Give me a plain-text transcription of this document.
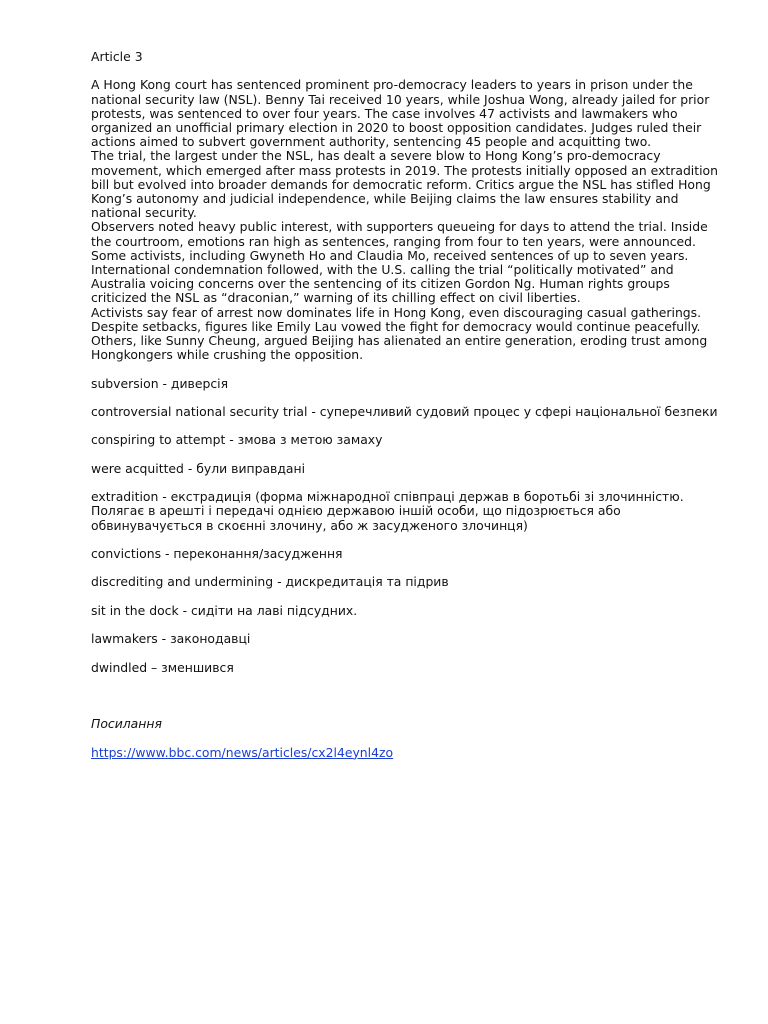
Article 3

A Hong Kong court has sentenced prominent pro-democracy leaders to years in prison under the national security law (NSL). Benny Tai received 10 years, while Joshua Wong, already jailed for prior protests, was sentenced to over four years. The case involves 47 activists and lawmakers who organized an unofficial primary election in 2020 to boost opposition candidates. Judges ruled their actions aimed to subvert government authority, sentencing 45 people and acquitting two.

The trial, the largest under the NSL, has dealt a severe blow to Hong Kong’s pro-democracy movement, which emerged after mass protests in 2019. The protests initially opposed an extradition bill but evolved into broader demands for democratic reform. Critics argue the NSL has stifled Hong Kong’s autonomy and judicial independence, while Beijing claims the law ensures stability and national security.

Observers noted heavy public interest, with supporters queueing for days to attend the trial. Inside the courtroom, emotions ran high as sentences, ranging from four to ten years, were announced. Some activists, including Gwyneth Ho and Claudia Mo, received sentences of up to seven years.

International condemnation followed, with the U.S. calling the trial “politically motivated” and Australia voicing concerns over the sentencing of its citizen Gordon Ng. Human rights groups criticized the NSL as “draconian,” warning of its chilling effect on civil liberties.

Activists say fear of arrest now dominates life in Hong Kong, even discouraging casual gatherings. Despite setbacks, figures like Emily Lau vowed the fight for democracy would continue peacefully. Others, like Sunny Cheung, argued Beijing has alienated an entire generation, eroding trust among Hongkongers while crushing the opposition.

subversion - диверсія

controversial national security trial - суперечливий судовий процес у сфері національної безпеки

conspiring to attempt - змова з метою замаху

were acquitted - були виправдані

extradition - екстрадиція (форма міжнародної співпраці держав в боротьбі зі злочинністю. Полягає в арешті і передачі однією державою іншій особи, що підозрюється або обвинувачується в скоєнні злочину, або ж засудженого злочинця)

convictions - переконання/засудження

discrediting and undermining - дискредитація та підрив

sit in the dock - сидіти на лаві підсудних.

lawmakers - законодавці

dwindled – зменшився

Посилання

https://www.bbc.com/news/articles/cx2l4eynl4zo
